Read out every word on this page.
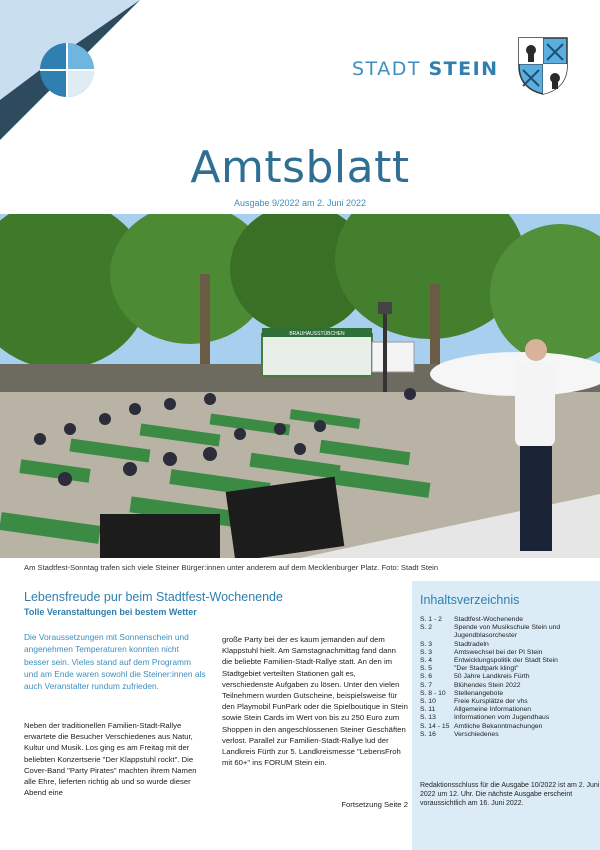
STADT STEIN
Amtsblatt
Ausgabe 9/2022 am 2. Juni 2022
BRAUHAUSSTÜBCHEN
Am Stadtfest-Sonntag trafen sich viele Steiner Bürger:innen unter anderem auf dem Mecklenburger Platz. Foto: Stadt Stein
Lebensfreude pur beim Stadtfest-Wochenende
Tolle Veranstaltungen bei bestem Wetter

Die Voraussetzungen mit Sonnenschein und angenehmen Temperaturen konnten nicht besser sein. Vieles stand auf dem Programm und am Ende waren sowohl die Steiner:innen als auch Veranstalter rundum zufrieden.

Neben der traditionellen Familien-Stadt-Rallye erwartete die Besucher Verschiedenes aus Natur, Kultur und Musik. Los ging es am Freitag mit der beliebten Konzertserie "Der Klappstuhl rockt". Die Cover-Band "Party Pirates" machten ihrem Namen alle Ehre, lieferten richtig ab und so wurde dieser Abend eine

große Party bei der es kaum jemanden auf dem Klappstuhl hielt. Am Samstagnachmittag fand dann die beliebte Familien-Stadt-Rallye statt. An den im Stadtgebiet verteilten Stationen galt es, verschiedenste Aufgaben zu lösen. Unter den vielen Teilnehmern wurden Gutscheine, beispielsweise für den Playmobil FunPark oder die Spielboutique in Stein sowie Stein Cards im Wert von bis zu 250 Euro zum Shoppen in den angeschlossenen Steiner Geschäften verlost. Parallel zur Familien-Stadt-Rallye lud der Landkreis Fürth zur 5. Landkreismesse "LebensFroh mit 60+" ins FORUM Stein ein.

Fortsetzung Seite 2
Inhaltsverzeichnis
S. 1 - 2	Stadtfest-Wochenende
S. 2	Spende von Musikschule Stein und Jugendblasorchester
S. 3	Stadtradeln
S. 3	Amtswechsel bei der PI Stein
S. 4	Entwicklungspolitik der Stadt Stein
S. 5	"Der Stadtpark klingt"
S. 6	50 Jahre Landkreis Fürth
S. 7	Blühendes Stein 2022
S. 8 - 10	Stellenangebote
S. 10	Freie Kursplätze der vhs
S. 11	Allgemeine Informationen
S. 13	Informationen vom Jugendhaus
S. 14 - 15 Amtliche Bekanntmachungen
S. 16	Verschiedenes

Redaktionsschluss für die Ausgabe 10/2022 ist am 2. Juni 2022 um 12. Uhr. Die nächste Ausgabe erscheint voraussichtlich am 16. Juni 2022.
